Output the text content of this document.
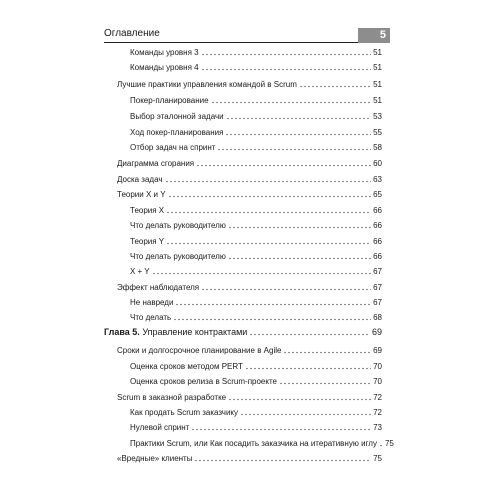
Оглавление	5
Команды уровня 3	51
Команды уровня 4	51
Лучшие практики управления командой в Scrum	51
Покер-планирование	51
Выбор эталонной задачи	53
Ход покер-планирования	55
Отбор задач на спринт	58
Диаграмма сгорания	60
Доска задач	63
Теории X и Y	65
Теория X	66
Что делать руководителю	66
Теория Y	66
Что делать руководителю	66
X + Y	67
Эффект наблюдателя	67
Не навреди	67
Что делать	68
Глава 5. Управление контрактами	69
Сроки и долгосрочное планирование в Agile	69
Оценка сроков методом PERT	70
Оценка сроков релиза в Scrum-проекте	70
Scrum в заказной разработке	72
Как продать Scrum заказчику	72
Нулевой спринт	73
Практики Scrum, или Как посадить заказчика на итеративную иглу 75
«Вредные» клиенты	75
